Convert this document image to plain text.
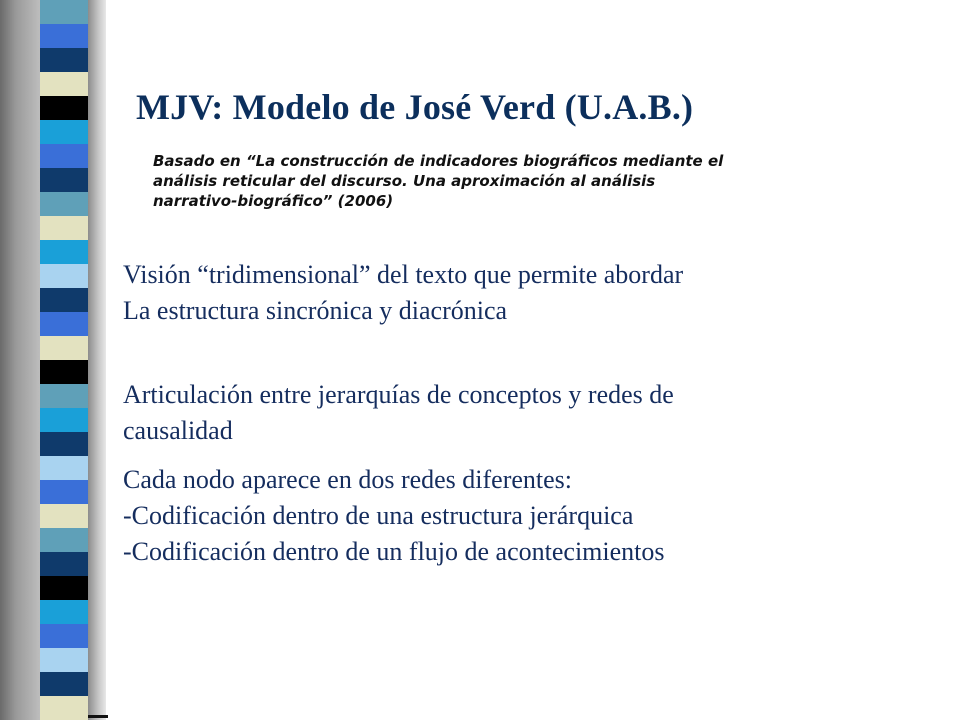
MJV: Modelo de José Verd (U.A.B.)
Basado en “La construcción de indicadores biográficos mediante el
análisis reticular del discurso. Una aproximación al análisis
narrativo-biográfico” (2006)
Visión “tridimensional” del texto que permite abordar
La estructura sincrónica y diacrónica
Articulación entre jerarquías de conceptos y redes de
causalidad
Cada nodo aparece en dos redes diferentes:
-Codificación dentro de una estructura jerárquica
-Codificación dentro de un flujo de acontecimientos
